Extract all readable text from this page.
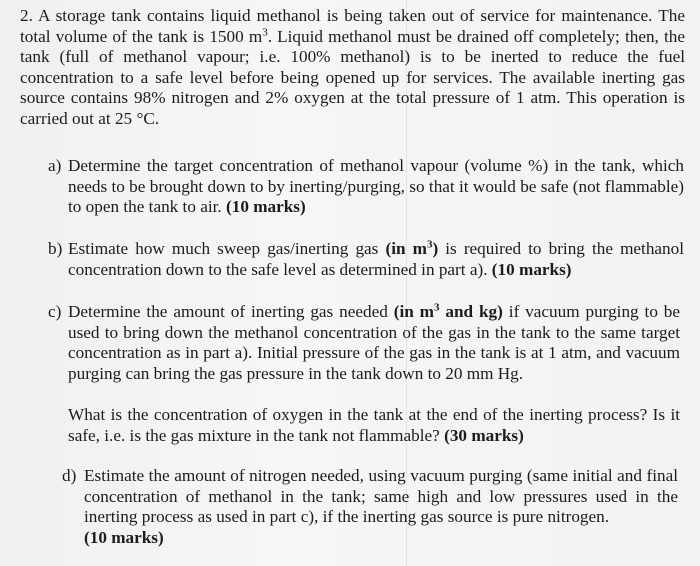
2. A storage tank contains liquid methanol is being taken out of service for maintenance. The total volume of the tank is 1500 $m^3$. Liquid methanol must be drained off completely; then, the tank (full of methanol vapour; i.e. 100% methanol) is to be inerted to reduce the fuel concentration to a safe level before being opened up for services. The available inerting gas source contains 98% nitrogen and 2% oxygen at the total pressure of 1 atm. This operation is carried out at 25 °C.

a) Determine the target concentration of methanol vapour (volume %) in the tank, which needs to be brought down to by inerting/purging, so that it would be safe (not flammable) to open the tank to air. (10 marks)
b) Estimate how much sweep gas/inerting gas (in $m^3$) is required to bring the methanol concentration down to the safe level as determined in part a). (10 marks)
c) Determine the amount of inerting gas needed (in $m^3$ and kg) if vacuum purging to be used to bring down the methanol concentration of the gas in the tank to the same target concentration as in part a). Initial pressure of the gas in the tank is at 1 atm, and vacuum purging can bring the gas pressure in the tank down to 20 mm Hg.
What is the concentration of oxygen in the tank at the end of the inerting process? Is it safe, i.e. is the gas mixture in the tank not flammable? (30 marks)
d) Estimate the amount of nitrogen needed, using vacuum purging (same initial and final concentration of methanol in the tank; same high and low pressures used in the inerting process as used in part c), if the inerting gas source is pure nitrogen.
(10 marks)
